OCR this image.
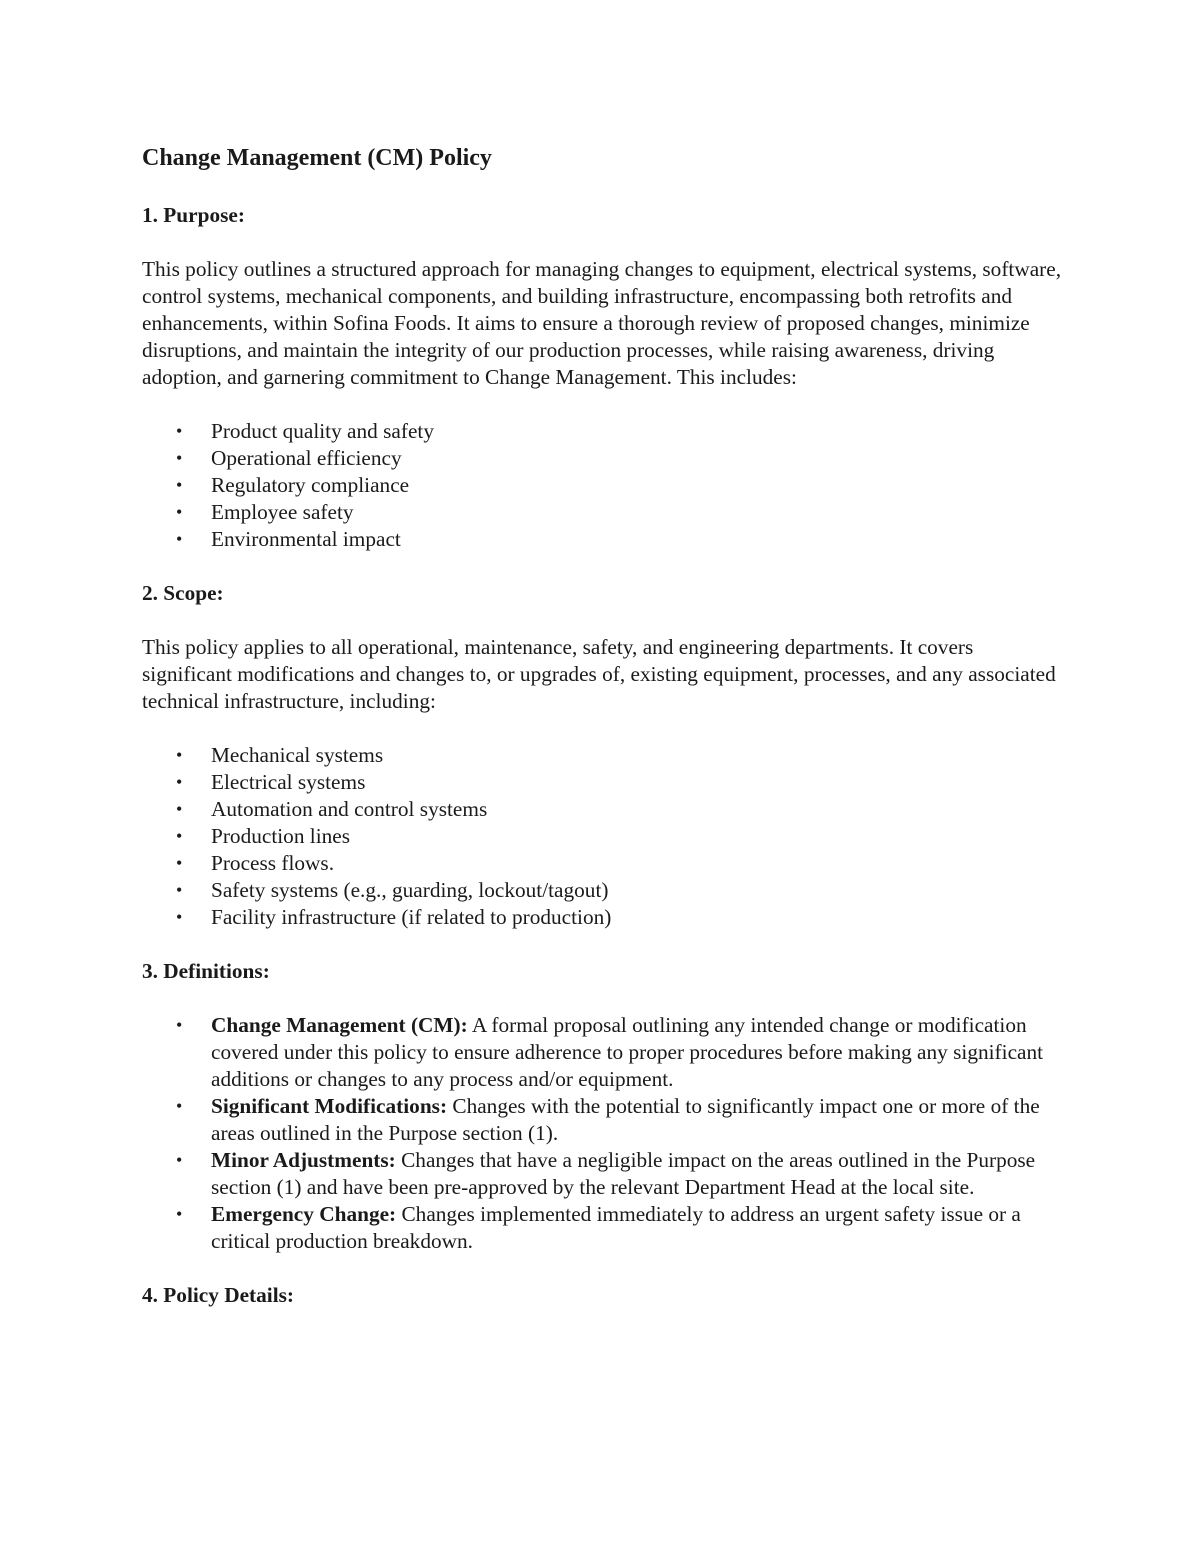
Change Management (CM) Policy
1. Purpose:

This policy outlines a structured approach for managing changes to equipment, electrical systems, software, control systems, mechanical components, and building infrastructure, encompassing both retrofits and enhancements, within Sofina Foods. It aims to ensure a thorough review of proposed changes, minimize disruptions, and maintain the integrity of our production processes, while raising awareness, driving adoption, and garnering commitment to Change Management. This includes:

• Product quality and safety
• Operational efficiency
• Regulatory compliance
• Employee safety
• Environmental impact
2. Scope:

This policy applies to all operational, maintenance, safety, and engineering departments. It covers significant modifications and changes to, or upgrades of, existing equipment, processes, and any associated technical infrastructure, including:

• Mechanical systems
• Electrical systems
• Automation and control systems
• Production lines
• Process flows.
• Safety systems (e.g., guarding, lockout/tagout)
• Facility infrastructure (if related to production)
3. Definitions:
• Change Management (CM): A formal proposal outlining any intended change or modification covered under this policy to ensure adherence to proper procedures before making any significant additions or changes to any process and/or equipment.
• Significant Modifications: Changes with the potential to significantly impact one or more of the areas outlined in the Purpose section (1).
• Minor Adjustments: Changes that have a negligible impact on the areas outlined in the Purpose section (1) and have been pre-approved by the relevant Department Head at the local site.
• Emergency Change: Changes implemented immediately to address an urgent safety issue or a critical production breakdown.
4. Policy Details:
